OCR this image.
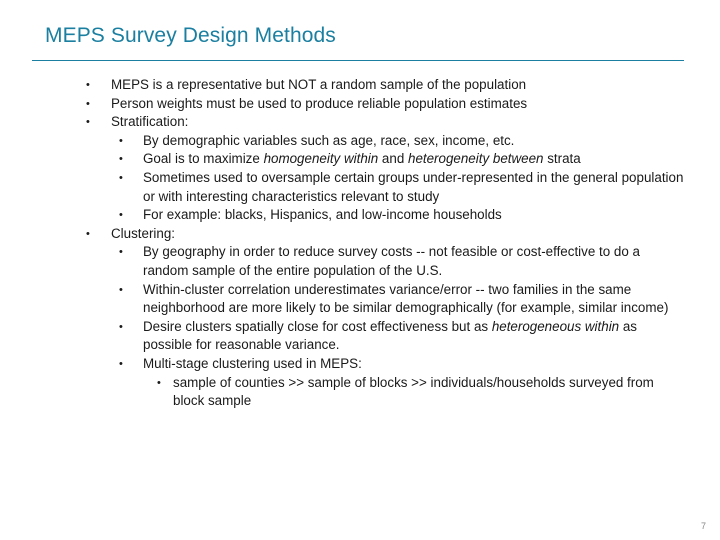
MEPS Survey Design Methods
• MEPS is a representative but NOT a random sample of the population
• Person weights must be used to produce reliable population estimates
• Stratification:
• By demographic variables such as age, race, sex, income, etc.
• Goal is to maximize homogeneity within and heterogeneity between strata
• Sometimes used to oversample certain groups under-represented in the general population or with interesting characteristics relevant to study
• For example: blacks, Hispanics, and low-income households
• Clustering:
• By geography in order to reduce survey costs -- not feasible or cost-effective to do a random sample of the entire population of the U.S.
• Within-cluster correlation underestimates variance/error -- two families in the same neighborhood are more likely to be similar demographically (for example, similar income)
• Desire clusters spatially close for cost effectiveness but as heterogeneous within as possible for reasonable variance.
• Multi-stage clustering used in MEPS:
• sample of counties >> sample of blocks >> individuals/households surveyed from block sample
7
